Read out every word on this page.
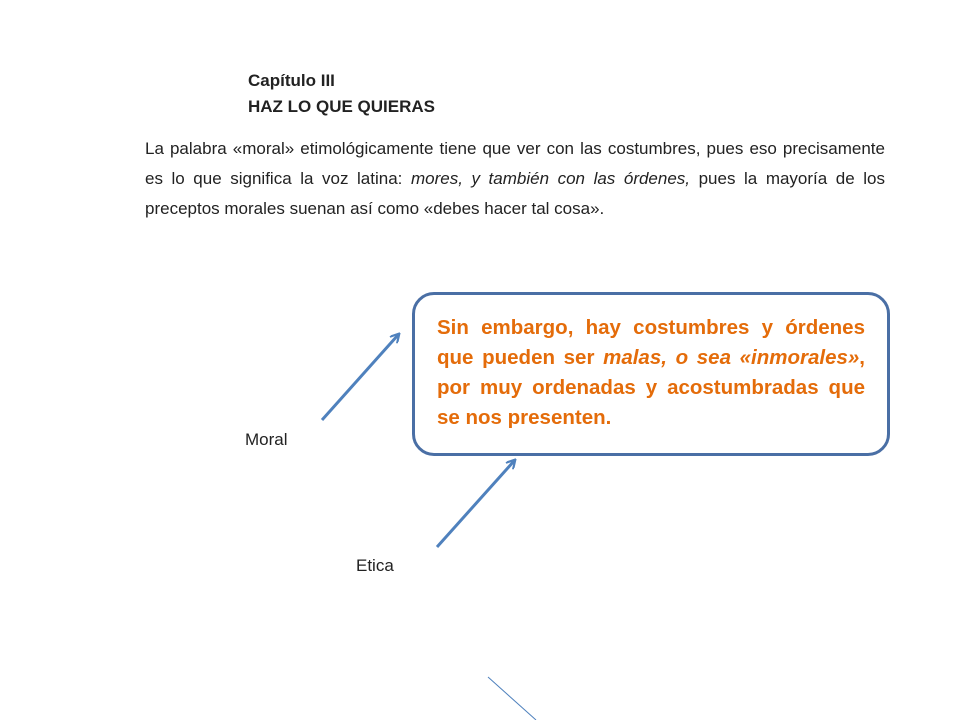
Capítulo III
HAZ LO QUE QUIERAS
La palabra «moral» etimológicamente tiene que ver con las costumbres, pues eso precisamente es lo que significa la voz latina: mores, y también con las órdenes, pues la mayoría de los preceptos morales suenan así como «debes hacer tal cosa».
Sin embargo, hay costumbres y órdenes que pueden ser malas, o sea «inmorales», por muy ordenadas y acostumbradas que se nos presenten.
Moral
Etica
